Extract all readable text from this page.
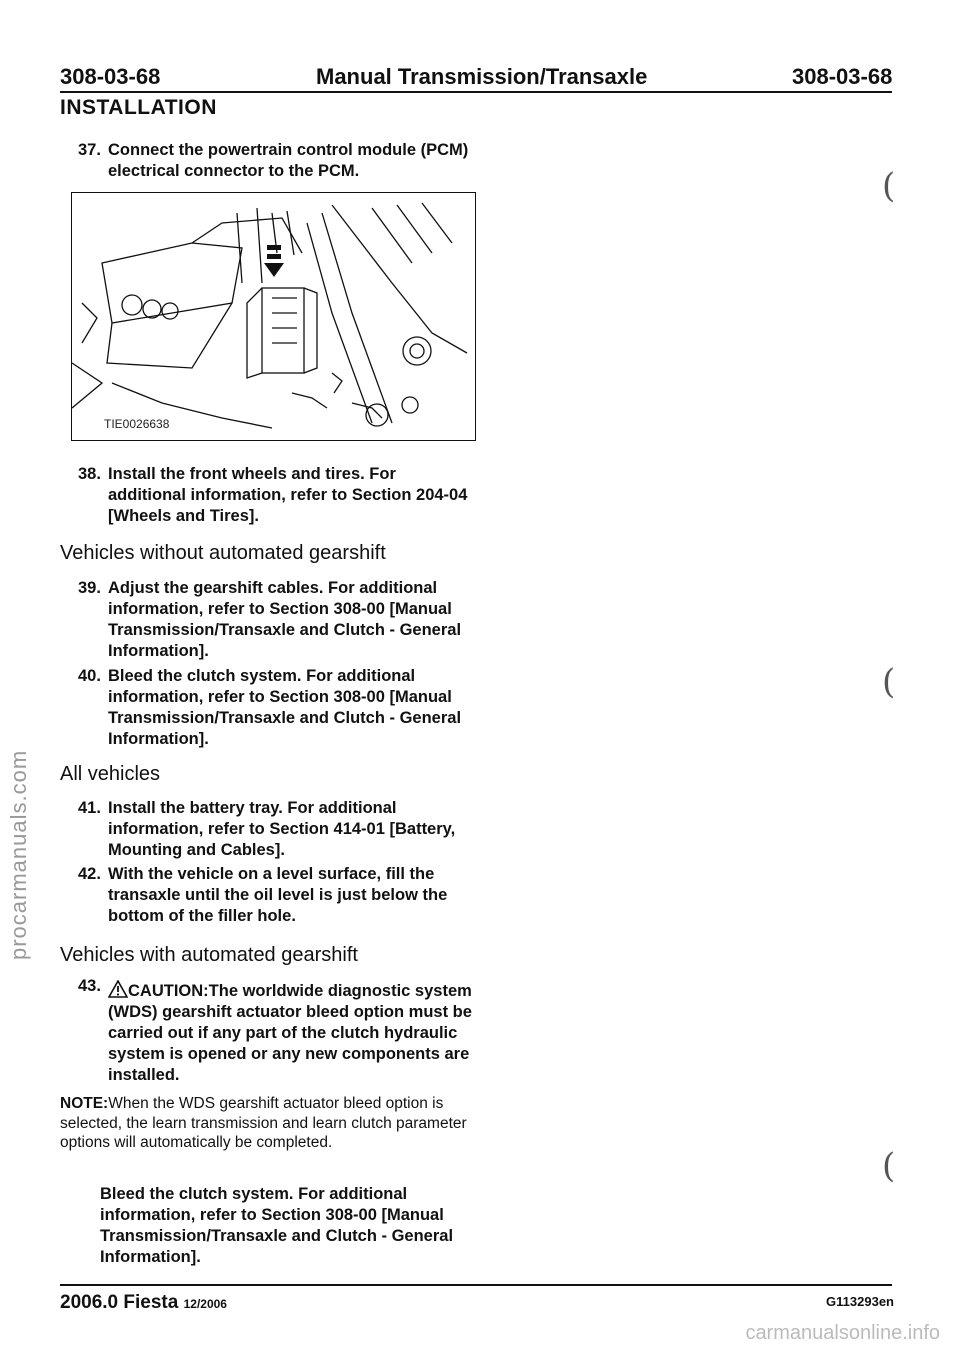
308-03-68	Manual Transmission/Transaxle	308-03-68
INSTALLATION
37. Connect the powertrain control module (PCM) electrical connector to the PCM.
TIE0026638
38. Install the front wheels and tires. For additional information, refer to Section 204-04 [Wheels and Tires].
Vehicles without automated gearshift
39. Adjust the gearshift cables. For additional information, refer to Section 308-00 [Manual Transmission/Transaxle and Clutch - General Information].
40. Bleed the clutch system. For additional information, refer to Section 308-00 [Manual Transmission/Transaxle and Clutch - General Information].
All vehicles
41. Install the battery tray. For additional information, refer to Section 414-01 [Battery, Mounting and Cables].
42. With the vehicle on a level surface, fill the transaxle until the oil level is just below the bottom of the filler hole.
Vehicles with automated gearshift
43.	CAUTION:The worldwide diagnostic system (WDS) gearshift actuator bleed option must be carried out if any part of the clutch hydraulic system is opened or any new components are installed.
NOTE:When the WDS gearshift actuator bleed option is selected, the learn transmission and learn clutch parameter options will automatically be completed.
Bleed the clutch system. For additional information, refer to Section 308-00 [Manual Transmission/Transaxle and Clutch - General Information].
(
(
(
2006.0 Fiesta 12/2006	G113293en
procarmanuals.com
carmanualsonline.info
